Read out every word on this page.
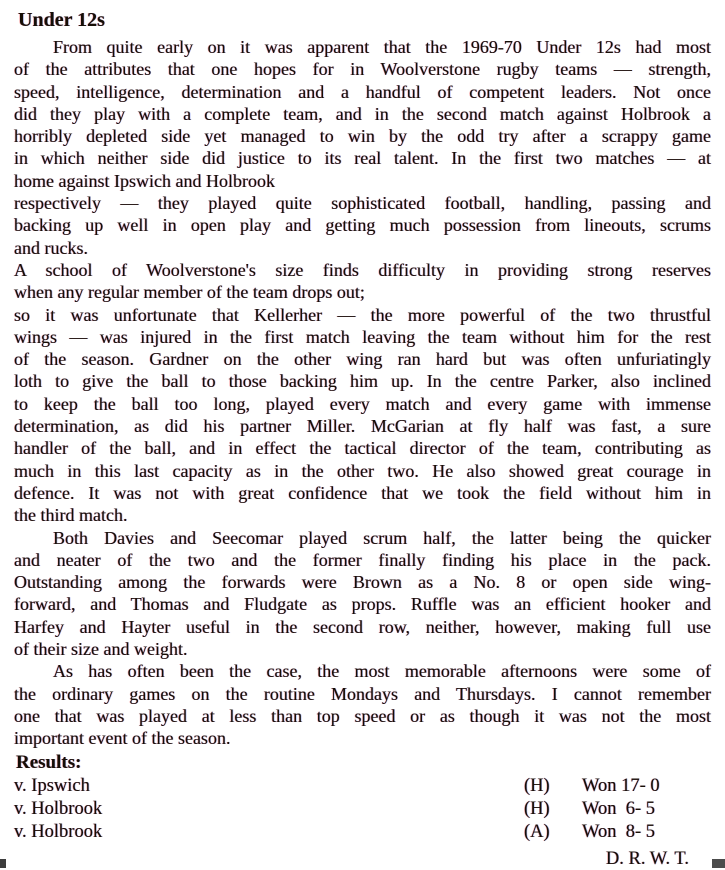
Under 12s
From quite early on it was apparent that the 1969-70 Under 12s had most
of the attributes that one hopes for in Woolverstone rugby teams — strength,
speed, intelligence, determination and a handful of competent leaders. Not once
did they play with a complete team, and in the second match against Holbrook a
horribly depleted side yet managed to win by the odd try after a scrappy game
in which neither side did justice to its real talent. In the first two matches — at
home against Ipswich and Holbrook
respectively — they played quite sophisticated football, handling, passing and
backing up well in open play and getting much possession from lineouts, scrums
and rucks.
A school of Woolverstone's size finds difficulty in providing strong reserves
when any regular member of the team drops out;
so it was unfortunate that Kellerher — the more powerful of the two thrustful
wings — was injured in the first match leaving the team without him for the rest
of the season. Gardner on the other wing ran hard but was often unfuriatingly
loth to give the ball to those backing him up. In the centre Parker, also inclined
to keep the ball too long, played every match and every game with immense
determination, as did his partner Miller. McGarian at fly half was fast, a sure
handler of the ball, and in effect the tactical director of the team, contributing as
much in this last capacity as in the other two. He also showed great courage in
defence. It was not with great confidence that we took the field without him in
the third match.
Both Davies and Seecomar played scrum half, the latter being the quicker
and neater of the two and the former finally finding his place in the pack.
Outstanding among the forwards were Brown as a No. 8 or open side wing-
forward, and Thomas and Fludgate as props. Ruffle was an efficient hooker and
Harfey and Hayter useful in the second row, neither, however, making full use
of their size and weight.
As has often been the case, the most memorable afternoons were some of
the ordinary games on the routine Mondays and Thursdays. I cannot remember
one that was played at less than top speed or as though it was not the most
important event of the season.
Results:
v. Ipswich	(H) Won 17- 0
v. Holbrook	(H) Won  6- 5
v. Holbrook	(A) Won  8- 5
D. R. W. T.
